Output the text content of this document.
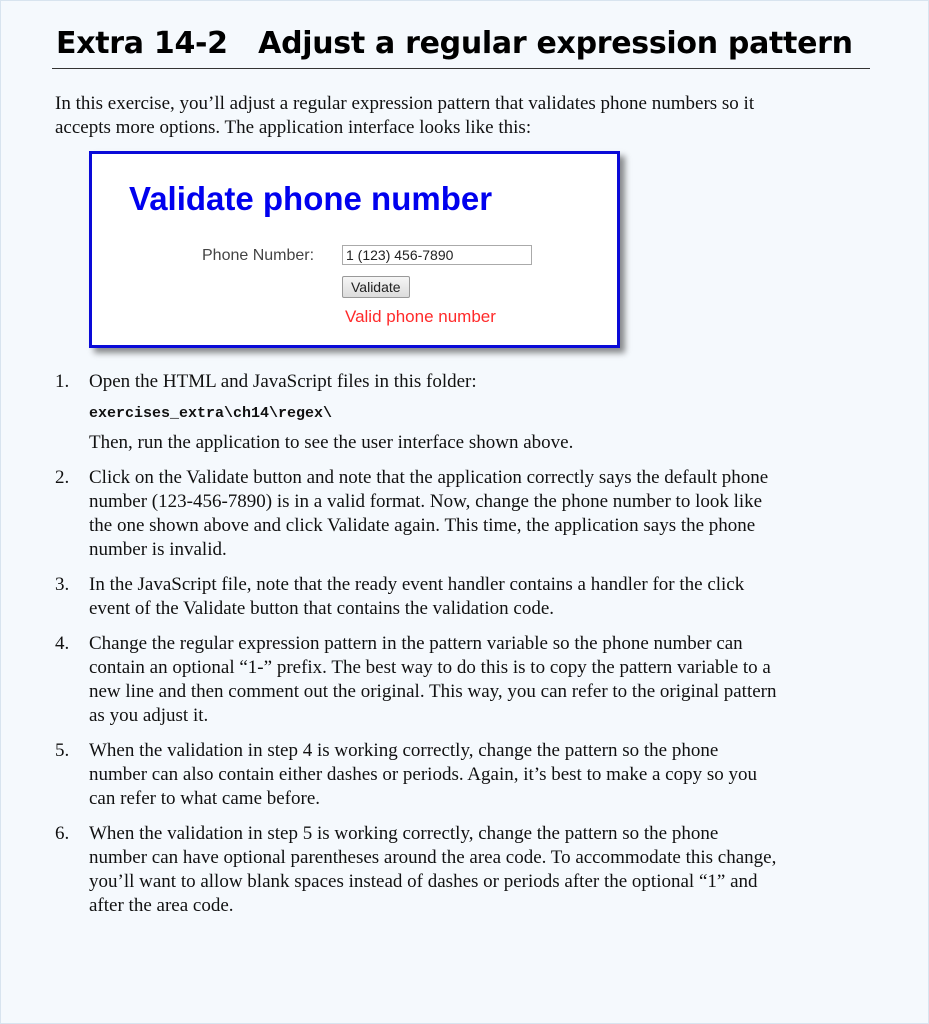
Extra 14-2   Adjust a regular expression pattern

In this exercise, you’ll adjust a regular expression pattern that validates phone numbers so it accepts more options. The application interface looks like this:

Validate phone number
Phone Number:
1 (123) 456-7890
Validate
Valid phone number
1. Open the HTML and JavaScript files in this folder:

exercises_extra\ch14\regex\

Then, run the application to see the user interface shown above.

2. Click on the Validate button and note that the application correctly says the default phone number (123-456-7890) is in a valid format. Now, change the phone number to look like the one shown above and click Validate again. This time, the application says the phone number is invalid.

3. In the JavaScript file, note that the ready event handler contains a handler for the click event of the Validate button that contains the validation code.

4. Change the regular expression pattern in the pattern variable so the phone number can contain an optional “1-” prefix. The best way to do this is to copy the pattern variable to a new line and then comment out the original. This way, you can refer to the original pattern as you adjust it.

5. When the validation in step 4 is working correctly, change the pattern so the phone number can also contain either dashes or periods. Again, it’s best to make a copy so you can refer to what came before.

6. When the validation in step 5 is working correctly, change the pattern so the phone number can have optional parentheses around the area code. To accommodate this change, you’ll want to allow blank spaces instead of dashes or periods after the optional “1” and after the area code.
